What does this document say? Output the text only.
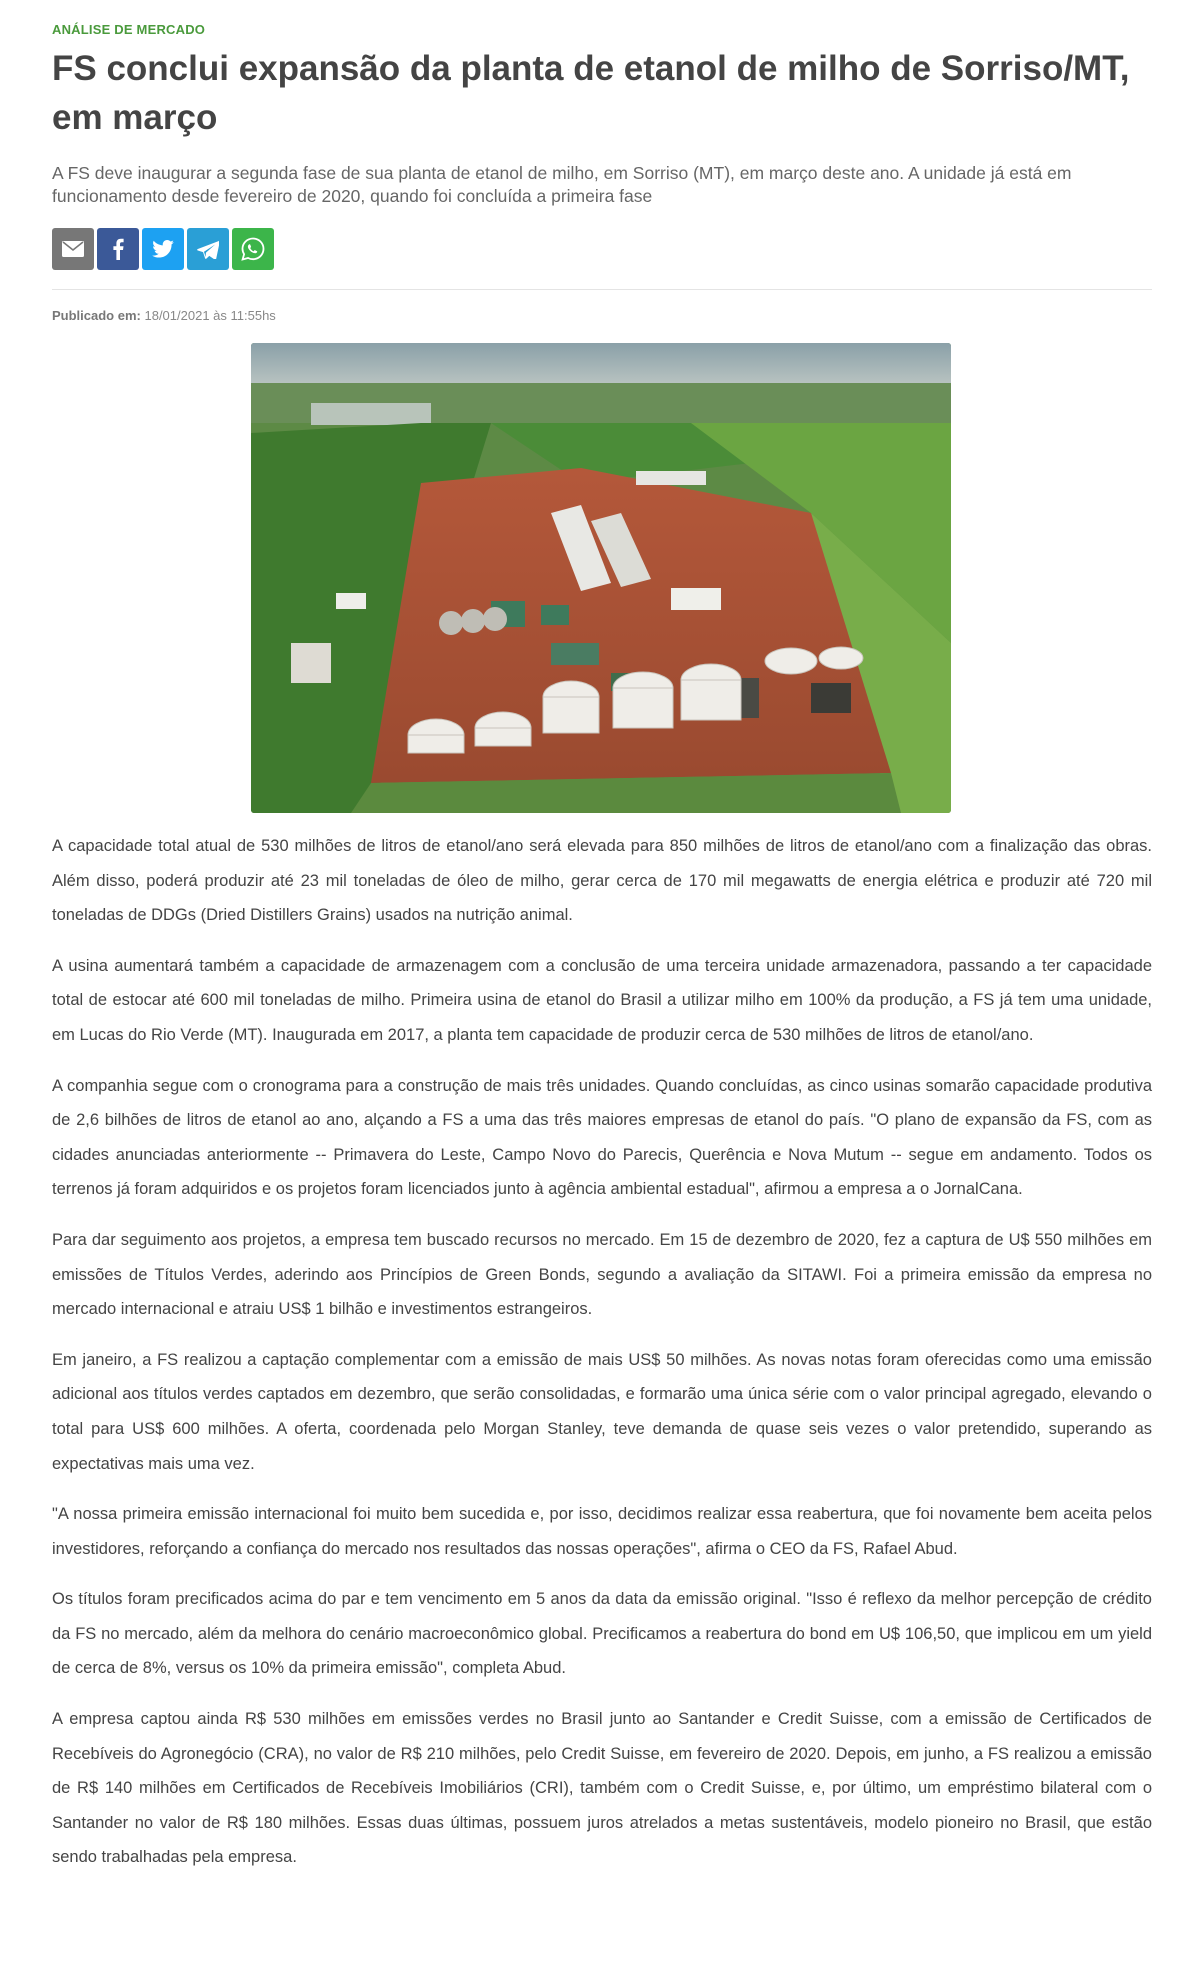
ANÁLISE DE MERCADO
FS conclui expansão da planta de etanol de milho de Sorriso/MT, em março

A FS deve inaugurar a segunda fase de sua planta de etanol de milho, em Sorriso (MT), em março deste ano. A unidade já está em funcionamento desde fevereiro de 2020, quando foi concluída a primeira fase

Publicado em: 18/01/2021 às 11:55hs

A capacidade total atual de 530 milhões de litros de etanol/ano será elevada para 850 milhões de litros de etanol/ano com a finalização das obras. Além disso, poderá produzir até 23 mil toneladas de óleo de milho, gerar cerca de 170 mil megawatts de energia elétrica e produzir até 720 mil toneladas de DDGs (Dried Distillers Grains) usados na nutrição animal.

A usina aumentará também a capacidade de armazenagem com a conclusão de uma terceira unidade armazenadora, passando a ter capacidade total de estocar até 600 mil toneladas de milho. Primeira usina de etanol do Brasil a utilizar milho em 100% da produção, a FS já tem uma unidade, em Lucas do Rio Verde (MT). Inaugurada em 2017, a planta tem capacidade de produzir cerca de 530 milhões de litros de etanol/ano.

A companhia segue com o cronograma para a construção de mais três unidades. Quando concluídas, as cinco usinas somarão capacidade produtiva de 2,6 bilhões de litros de etanol ao ano, alçando a FS a uma das três maiores empresas de etanol do país. "O plano de expansão da FS, com as cidades anunciadas anteriormente -- Primavera do Leste, Campo Novo do Parecis, Querência e Nova Mutum -- segue em andamento. Todos os terrenos já foram adquiridos e os projetos foram licenciados junto à agência ambiental estadual", afirmou a empresa a o JornalCana.

Para dar seguimento aos projetos, a empresa tem buscado recursos no mercado. Em 15 de dezembro de 2020, fez a captura de U$ 550 milhões em emissões de Títulos Verdes, aderindo aos Princípios de Green Bonds, segundo a avaliação da SITAWI. Foi a primeira emissão da empresa no mercado internacional e atraiu US$ 1 bilhão e investimentos estrangeiros.

Em janeiro, a FS realizou a captação complementar com a emissão de mais US$ 50 milhões. As novas notas foram oferecidas como uma emissão adicional aos títulos verdes captados em dezembro, que serão consolidadas, e formarão uma única série com o valor principal agregado, elevando o total para US$ 600 milhões. A oferta, coordenada pelo Morgan Stanley, teve demanda de quase seis vezes o valor pretendido, superando as expectativas mais uma vez.

"A nossa primeira emissão internacional foi muito bem sucedida e, por isso, decidimos realizar essa reabertura, que foi novamente bem aceita pelos investidores, reforçando a confiança do mercado nos resultados das nossas operações", afirma o CEO da FS, Rafael Abud.

Os títulos foram precificados acima do par e tem vencimento em 5 anos da data da emissão original. "Isso é reflexo da melhor percepção de crédito da FS no mercado, além da melhora do cenário macroeconômico global. Precificamos a reabertura do bond em U$ 106,50, que implicou em um yield de cerca de 8%, versus os 10% da primeira emissão", completa Abud.

A empresa captou ainda R$ 530 milhões em emissões verdes no Brasil junto ao Santander e Credit Suisse, com a emissão de Certificados de Recebíveis do Agronegócio (CRA), no valor de R$ 210 milhões, pelo Credit Suisse, em fevereiro de 2020. Depois, em junho, a FS realizou a emissão de R$ 140 milhões em Certificados de Recebíveis Imobiliários (CRI), também com o Credit Suisse, e, por último, um empréstimo bilateral com o Santander no valor de R$ 180 milhões. Essas duas últimas, possuem juros atrelados a metas sustentáveis, modelo pioneiro no Brasil, que estão sendo trabalhadas pela empresa.
